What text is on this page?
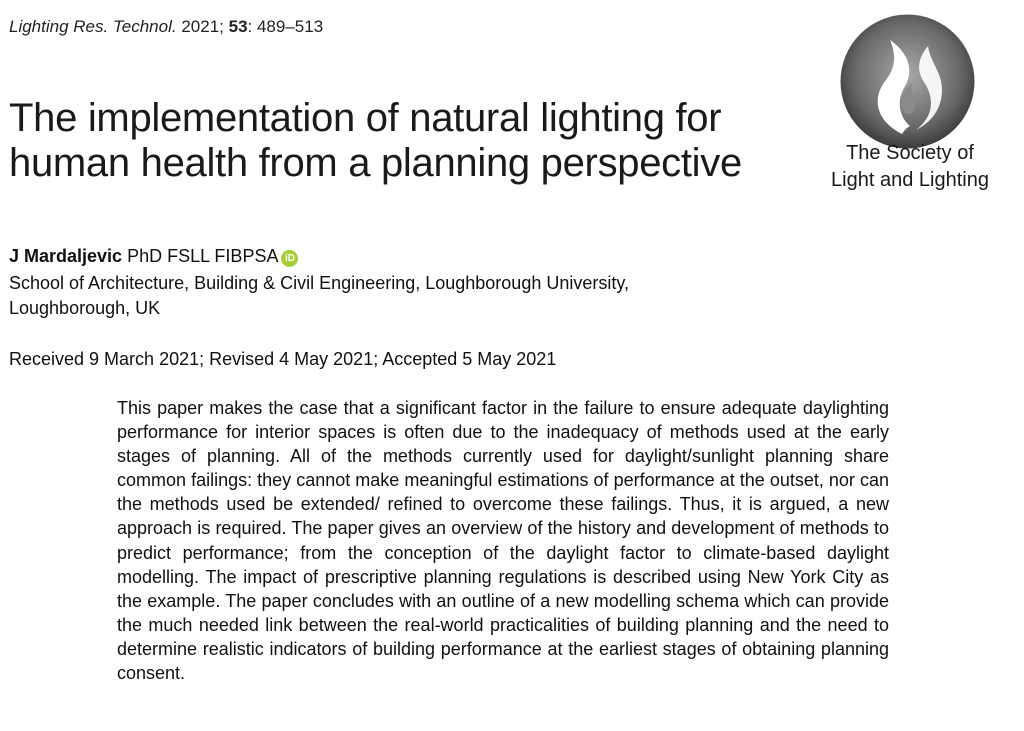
Lighting Res. Technol. 2021; 53: 489–513
The implementation of natural lighting for human health from a planning perspective	The Society of
Light and Lighting
J Mardaljevic PhD FSLL FIBPSA iD
School of Architecture, Building & Civil Engineering, Loughborough University, Loughborough, UK
Received 9 March 2021; Revised 4 May 2021; Accepted 5 May 2021

This paper makes the case that a significant factor in the failure to ensure adequate daylighting performance for interior spaces is often due to the inadequacy of methods used at the early stages of planning. All of the methods currently used for daylight/sunlight planning share common failings: they cannot make meaningful estimations of performance at the outset, nor can the methods used be extended/ refined to overcome these failings. Thus, it is argued, a new approach is required. The paper gives an overview of the history and development of methods to predict performance; from the conception of the daylight factor to climate-based daylight modelling. The impact of prescriptive planning regulations is described using New York City as the example. The paper concludes with an outline of a new modelling schema which can provide the much needed link between the real-world practicalities of building planning and the need to determine realistic indicators of building performance at the earliest stages of obtaining planning consent.
